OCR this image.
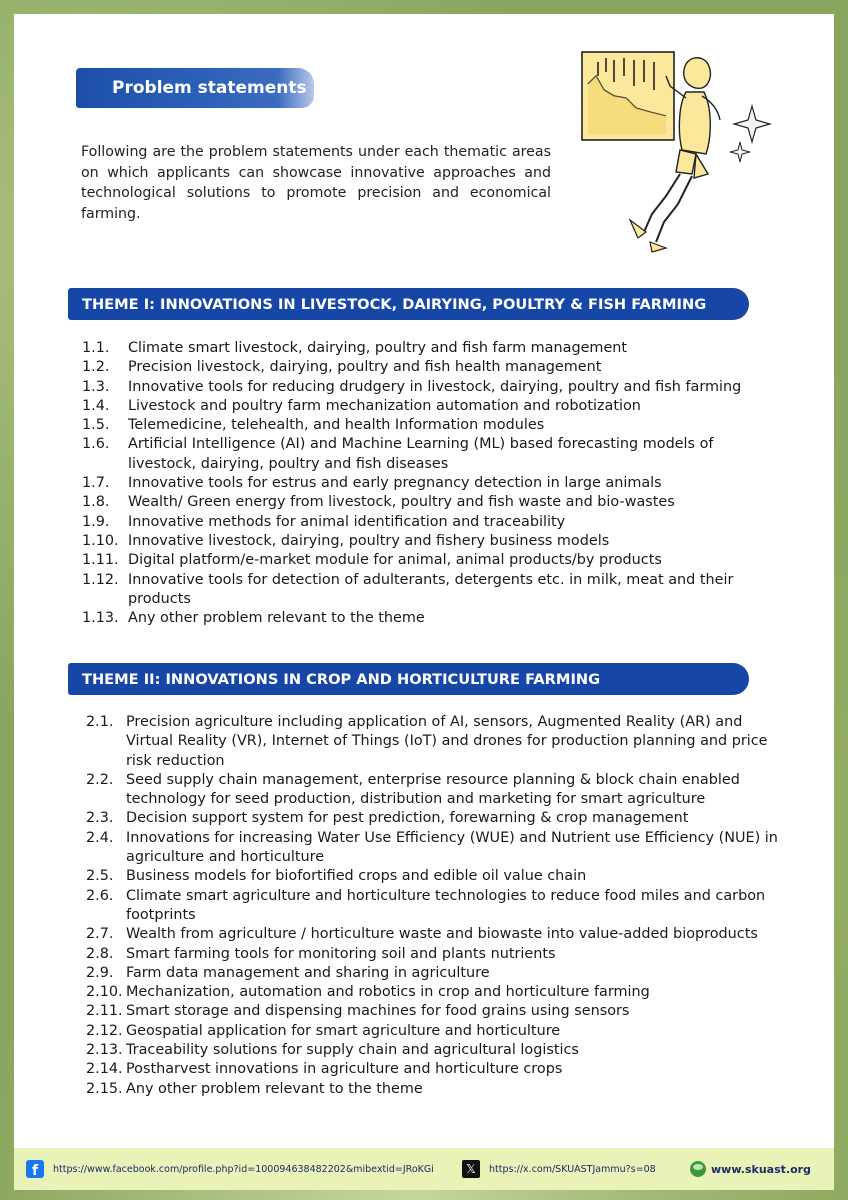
Problem statements

Following are the problem statements under each thematic areas on which applicants can showcase innovative approaches and technological solutions to promote precision and economical farming.

THEME I: INNOVATIONS IN LIVESTOCK, DAIRYING, POULTRY & FISH FARMING
1.1.	Climate smart livestock, dairying, poultry and fish farm management
1.2.	Precision livestock, dairying, poultry and fish health management
1.3.	Innovative tools for reducing drudgery in livestock, dairying, poultry and fish farming
1.4.	Livestock and poultry farm mechanization automation and robotization
1.5.	Telemedicine, telehealth, and health Information modules
1.6.	Artificial Intelligence (AI) and Machine Learning (ML) based forecasting models of livestock, dairying, poultry and fish diseases
1.7.	Innovative tools for estrus and early pregnancy detection in large animals
1.8.	Wealth/ Green energy from livestock, poultry and fish waste and bio-wastes
1.9.	Innovative methods for animal identification and traceability
1.10. Innovative livestock, dairying, poultry and fishery business models
1.11. Digital platform/e-market module for animal, animal products/by products
1.12. Innovative tools for detection of adulterants, detergents etc. in milk, meat and their products
1.13. Any other problem relevant to the theme
THEME II: INNOVATIONS IN CROP AND HORTICULTURE FARMING
2.1. Precision agriculture including application of AI, sensors, Augmented Reality (AR) and Virtual Reality (VR), Internet of Things (IoT) and drones for production planning and price risk reduction
2.2. Seed supply chain management, enterprise resource planning & block chain enabled technology for seed production, distribution and marketing for smart agriculture
2.3. Decision support system for pest prediction, forewarning & crop management
2.4. Innovations for increasing Water Use Efficiency (WUE) and Nutrient use Efficiency (NUE) in agriculture and horticulture
2.5. Business models for biofortified crops and edible oil value chain
2.6. Climate smart agriculture and horticulture technologies to reduce food miles and carbon footprints
2.7. Wealth from agriculture / horticulture waste and biowaste into value-added bioproducts
2.8. Smart farming tools for monitoring soil and plants nutrients
2.9. Farm data management and sharing in agriculture
2.10. Mechanization, automation and robotics in crop and horticulture farming
2.11. Smart storage and dispensing machines for food grains using sensors
2.12. Geospatial application for smart agriculture and horticulture
2.13. Traceability solutions for supply chain and agricultural logistics
2.14. Postharvest innovations in agriculture and horticulture crops
2.15. Any other problem relevant to the theme
f	https://www.facebook.com/profile.php?id=100094638482202&mibextid=JRoKGi	𝕏	https://x.com/SKUASTJammu?s=08	www.skuast.org
